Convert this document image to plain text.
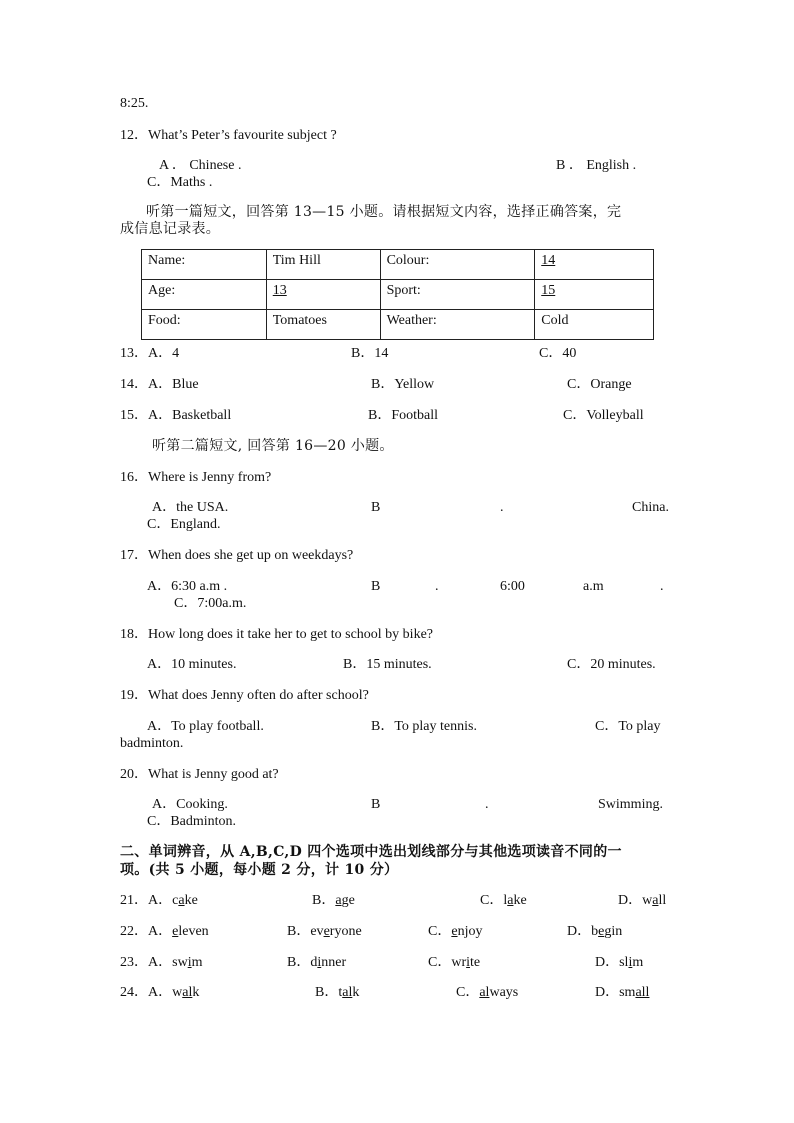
8:25.
12．What’s Peter’s favourite subject ?
A ． Chinese .	B ． English .
C．Maths .
听第一篇短文，回答第 13—15 小题。请根据短文内容，选择正确答案，完
成信息记录表。
Name:	Tim Hill	Colour:	14
Age:	13	Sport:	15
Food:	Tomatoes	Weather:	Cold
13．A．4	B．14	C．40
14．A．Blue	B．Yellow	C．Orange
15．A．Basketball	B．Football	C．Volleyball
听第二篇短文, 回答第 16—20 小题。
16．Where is Jenny from?
A．the USA.	B	.	China.
C．England.
17．When does she get up on weekdays?
A．6:30 a.m .	B	.	6:00	a.m	.
C．7:00a.m.
18．How long does it take her to get to school by bike?
A．10 minutes.	B．15 minutes.	C．20 minutes.
19．What does Jenny often do after school?
A．To play football.	B．To play tennis.	C．To play
badminton.
20．What is Jenny good at?
A．Cooking.	B	.	Swimming.
C．Badminton.
二、单词辨音，从 A,B,C,D 四个选项中选出划线部分与其他选项读音不同的一
项。(共 5 小题，每小题 2 分，计 10 分）
21．A．cake	B．age	C．lake	D．wall
22．A．eleven	B．everyone	C．enjoy	D．begin
23．A．swim	B．dinner	C．write	D．slim
24．A．walk	B．talk	C．always	D．small
